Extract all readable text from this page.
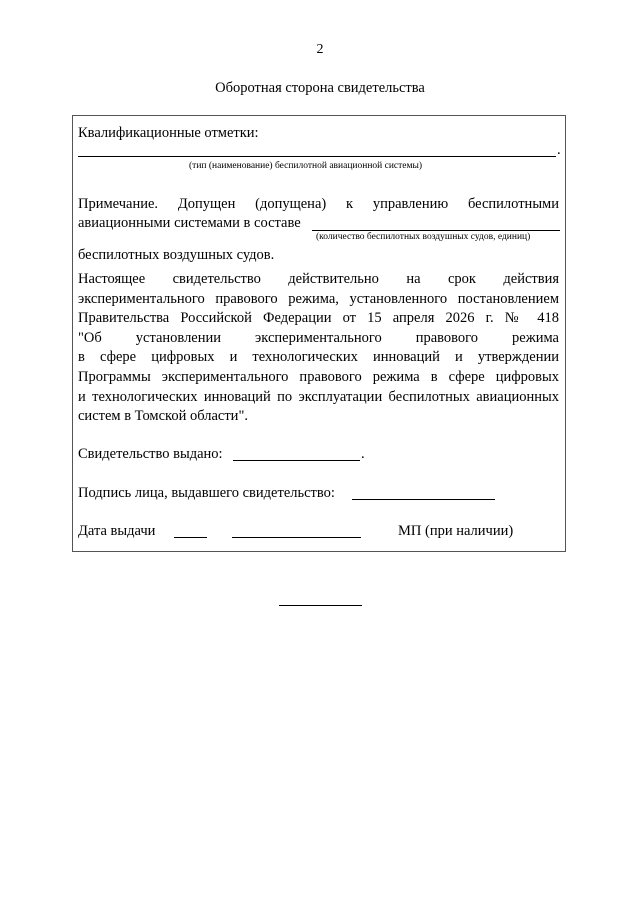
2
Оборотная сторона свидетельства
Квалификационные отметки:
.
(тип (наименование) беспилотной авиационной системы)
Примечание. Допущен (допущена) к управлению беспилотными
авиационными системами в составе
(количество беспилотных воздушных судов, единиц)
беспилотных воздушных судов.
Настоящее свидетельство действительно на срок действия
экспериментального правового режима, установленного постановлением
Правительства Российской Федерации от 15 апреля 2026 г. № 418
"Об установлении экспериментального правового режима
в сфере цифровых и технологических инноваций и утверждении
Программы экспериментального правового режима в сфере цифровых
и технологических инноваций по эксплуатации беспилотных авиационных
систем в Томской области".
Свидетельство выдано:	.
Подпись лица, выдавшего свидетельство:
Дата выдачи	МП (при наличии)
